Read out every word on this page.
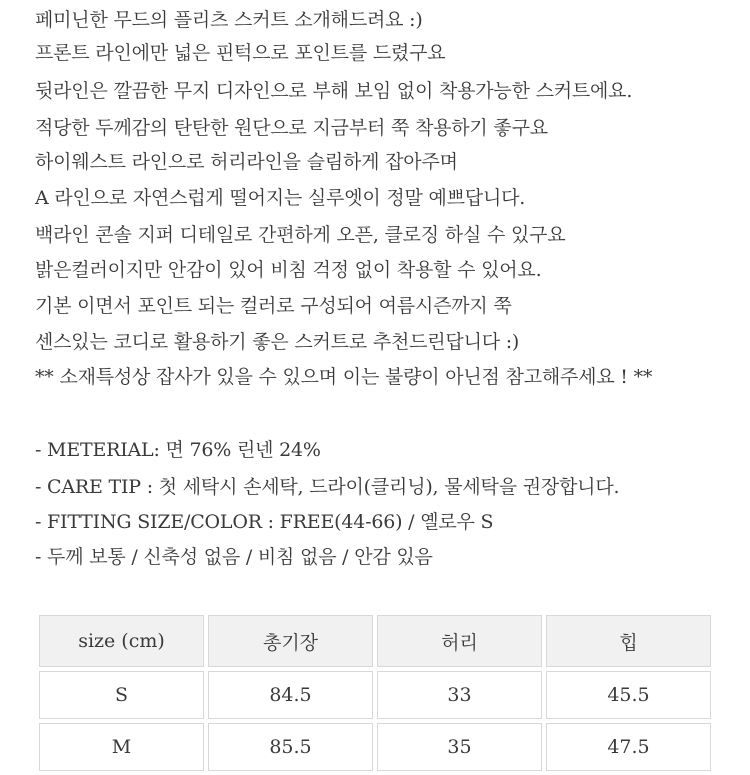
페미닌한 무드의 플리츠 스커트 소개해드려요 :)
프론트 라인에만 넓은 핀턱으로 포인트를 드렸구요
뒷라인은 깔끔한 무지 디자인으로 부해 보임 없이 착용가능한 스커트에요.
적당한 두께감의 탄탄한 원단으로 지금부터 쭉 착용하기 좋구요
하이웨스트 라인으로 허리라인을 슬림하게 잡아주며
A 라인으로 자연스럽게 떨어지는 실루엣이 정말 예쁘답니다.
백라인 콘솔 지퍼 디테일로 간편하게 오픈, 클로징 하실 수 있구요
밝은컬러이지만 안감이 있어 비침 걱정 없이 착용할 수 있어요.
기본 이면서 포인트 되는 컬러로 구성되어 여름시즌까지 쭉
센스있는 코디로 활용하기 좋은 스커트로 추천드린답니다 :)
** 소재특성상 잡사가 있을 수 있으며 이는 불량이 아닌점 참고해주세요 ! **
- METERIAL: 면 76% 린넨 24%
- CARE TIP : 첫 세탁시 손세탁, 드라이(클리닝), 물세탁을 권장합니다.
- FITTING SIZE/COLOR : FREE(44-66) / 옐로우 S
- 두께 보통 / 신축성 없음 / 비침 없음 / 안감 있음
size (cm)	총기장	허리	힙
S	84.5	33	45.5
M	85.5	35	47.5
